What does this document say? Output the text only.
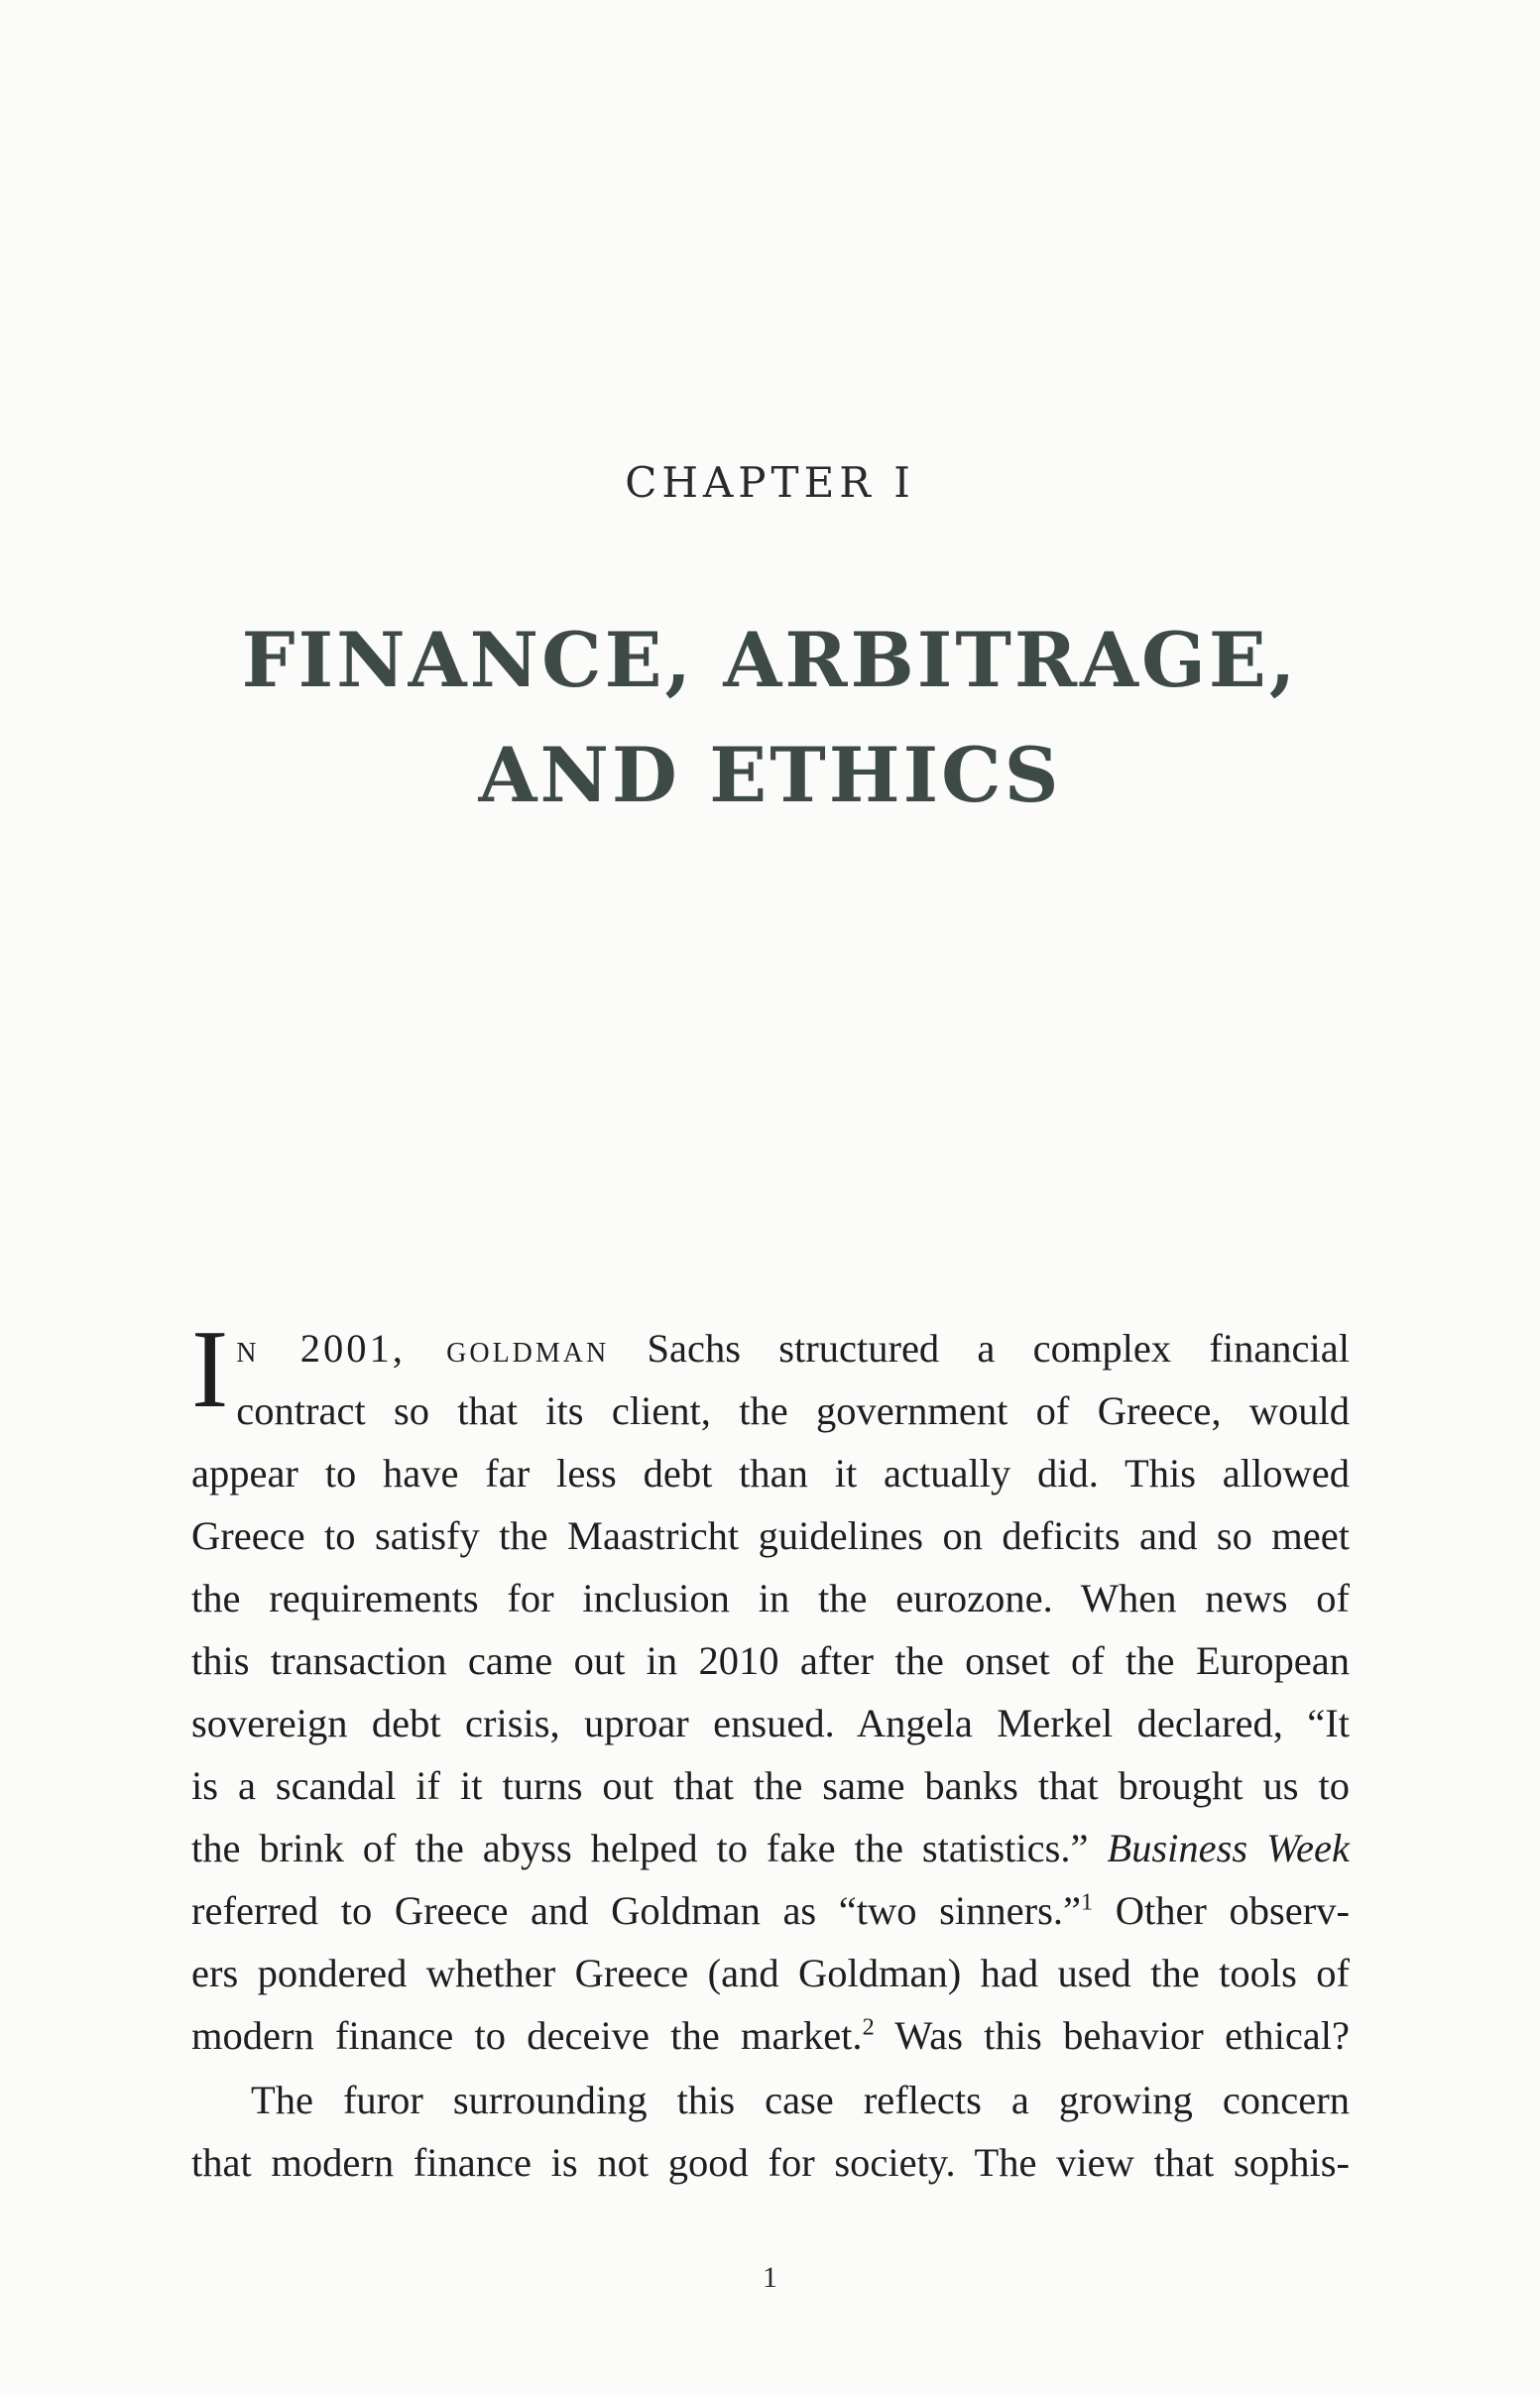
CHAPTER I
FINANCE, ARBITRAGE,
AND ETHICS
I n 2001, goldman Sachs structured a complex financial
contract so that its client, the government of Greece, would
appear to have far less debt than it actually did. This allowed
Greece to satisfy the Maastricht guidelines on deficits and so meet
the requirements for inclusion in the eurozone. When news of
this transaction came out in 2010 after the onset of the European
sovereign debt crisis, uproar ensued. Angela Merkel declared, “It
is a scandal if it turns out that the same banks that brought us to
the brink of the abyss helped to fake the statistics.” Business Week
referred to Greece and Goldman as “two sinners.”$^1$ Other observ-
ers pondered whether Greece (and Goldman) had used the tools of
modern finance to deceive the market.$^2$ Was this behavior ethical?
The furor surrounding this case reflects a growing concern
that modern finance is not good for society. The view that sophis-
1
